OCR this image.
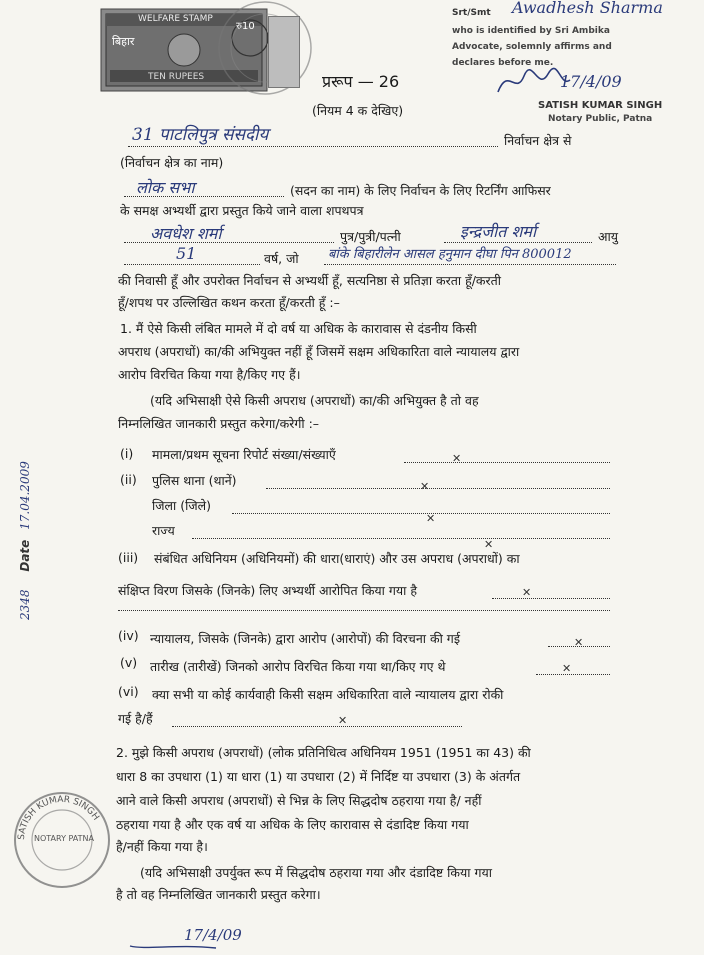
WELFARE STAMP
बिहार
रु10
TEN RUPEES
Srt/Smt Awadhesh Sharma
who is identified by Sri Ambika
Advocate, solemnly affirms and
declares before me.
17/4/09
SATISH KUMAR SINGH
Notary Public, Patna
प्ररूप — 26
(नियम 4 क देखिए)
31 पाटलिपुत्र संसदीय	निर्वाचन क्षेत्र से
(निर्वाचन क्षेत्र का नाम)
लोक सभा	(सदन का नाम) के लिए निर्वाचन के लिए रिटर्निंग आफिसर
के समक्ष अभ्यर्थी द्वारा प्रस्तुत किये जाने वाला शपथपत्र
अवधेश शर्मा	पुत्र/पुत्री/पत्नी	इन्द्रजीत शर्मा	आयु
51	वर्ष, जो बांके बिहारीलेन आसल हनुमान दीघा पिन 800012
की निवासी हूँ और उपरोक्त निर्वाचन से अभ्यर्थी हूँ, सत्यनिष्ठा से प्रतिज्ञा करता हूँ/करती
हूँ/शपथ पर उल्लिखित कथन करता हूँ/करती हूँ :–
1. मैं ऐसे किसी लंबित मामले में दो वर्ष या अधिक के कारावास से दंडनीय किसी
अपराध (अपराधों) का/की अभियुक्त नहीं हूँ जिसमें सक्षम अधिकारिता वाले न्यायालय द्वारा
आरोप विरचित किया गया है/किए गए हैं।
(यदि अभिसाक्षी ऐसे किसी अपराध (अपराधों) का/की अभियुक्त है तो वह
निम्नलिखित जानकारी प्रस्तुत करेगा/करेगी :–
(i) मामला/प्रथम सूचना रिपोर्ट संख्या/संख्याएँ	✕
(ii) पुलिस थाना (थानें)	✕
जिला (जिले)
✕
राज्य
✕
(iii) संबंधित अधिनियम (अधिनियमों) की धारा(धाराएं) और उस अपराध (अपराधों) का
संक्षिप्त विरण जिसके (जिनके) लिए अभ्यर्थी आरोपित किया गया है	✕
(iv) न्यायालय, जिसके (जिनके) द्वारा आरोप (आरोपों) की विरचना की गई	✕
(v) तारीख (तारीखें) जिनको आरोप विरचित किया गया था/किए गए थे	✕
(vi) क्या सभी या कोई कार्यवाही किसी सक्षम अधिकारिता वाले न्यायालय द्वारा रोकी
गई है/हैं	✕
2. मुझे किसी अपराध (अपराधों) (लोक प्रतिनिधित्व अधिनियम 1951 (1951 का 43) की
धारा 8 का उपधारा (1) या धारा (1) या उपधारा (2) में निर्दिष्ट या उपधारा (3) के अंतर्गत
आने वाले किसी अपराध (अपराधों) से भिन्न के लिए सिद्धदोष ठहराया गया है/ नहीं
ठहराया गया है और एक वर्ष या अधिक के लिए कारावास से दंडादिष्ट किया गया
है/नहीं किया गया है।
(यदि अभिसाक्षी उपर्युक्त रूप में सिद्धदोष ठहराया गया और दंडादिष्ट किया गया
है तो वह निम्नलिखित जानकारी प्रस्तुत करेगा।
17/4/09
2348 Date 17.04.2009
SATISH KUMAR SINGH
NOTARY PATNA
